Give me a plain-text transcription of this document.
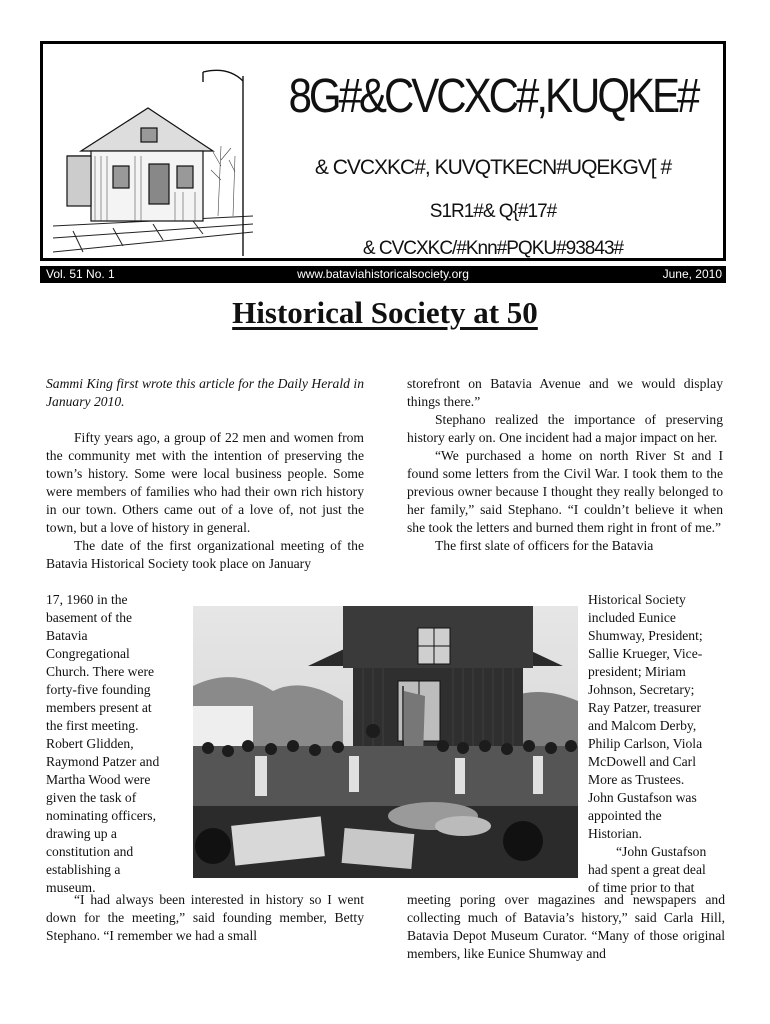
8G#&CVCXC#,KUQKE#
& CVCXKC#, KUVQTKECN#UQEKGV[ #
S1R1#& Q{#17#
& CVCXKC/#Knn#PQKU#93843#
www.bataviahistoricalsociety.org
Vol. 51 No. 1	June, 2010
Historical Society at 50

Sammi King first wrote this article for the Daily Herald in January 2010.

Fifty years ago, a group of 22 men and women from the community met with the intention of preserving the town’s history. Some were local business people. Some were members of families who had their own rich history in our town. Others came out of a love of, not just the town, but a love of history in general.

The date of the first organizational meeting of the Batavia Historical Society took place on January

17, 1960 in the
basement of the
Batavia
Congregational
Church. There were
forty-five founding
members present at
the first meeting.
Robert Glidden,
Raymond Patzer and
Martha Wood were
given the task of
nominating officers,
drawing up a
constitution and
establishing a
museum.

“I had always been interested in history so I went down for the meeting,” said founding member, Betty Stephano. “I remember we had a small

storefront on Batavia Avenue and we would display things there.”

Stephano realized the importance of preserving history early on. One incident had a major impact on her.

“We purchased a home on north River St and I found some letters from the Civil War. I took them to the previous owner because I thought they really belonged to her family,” said Stephano. “I couldn’t believe it when she took the letters and burned them right in front of me.”

The first slate of officers for the Batavia

Historical Society
included Eunice
Shumway, President;
Sallie Krueger, Vice-
president; Miriam
Johnson, Secretary;
Ray Patzer, treasurer
and Malcom Derby,
Philip Carlson, Viola
McDowell and Carl
More as Trustees.
John Gustafson was
appointed the
Historian.
“John Gustafson
had spent a great deal
of time prior to that

meeting poring over magazines and newspapers and collecting much of Batavia’s history,” said Carla Hill, Batavia Depot Museum Curator. “Many of those original members, like Eunice Shumway and
